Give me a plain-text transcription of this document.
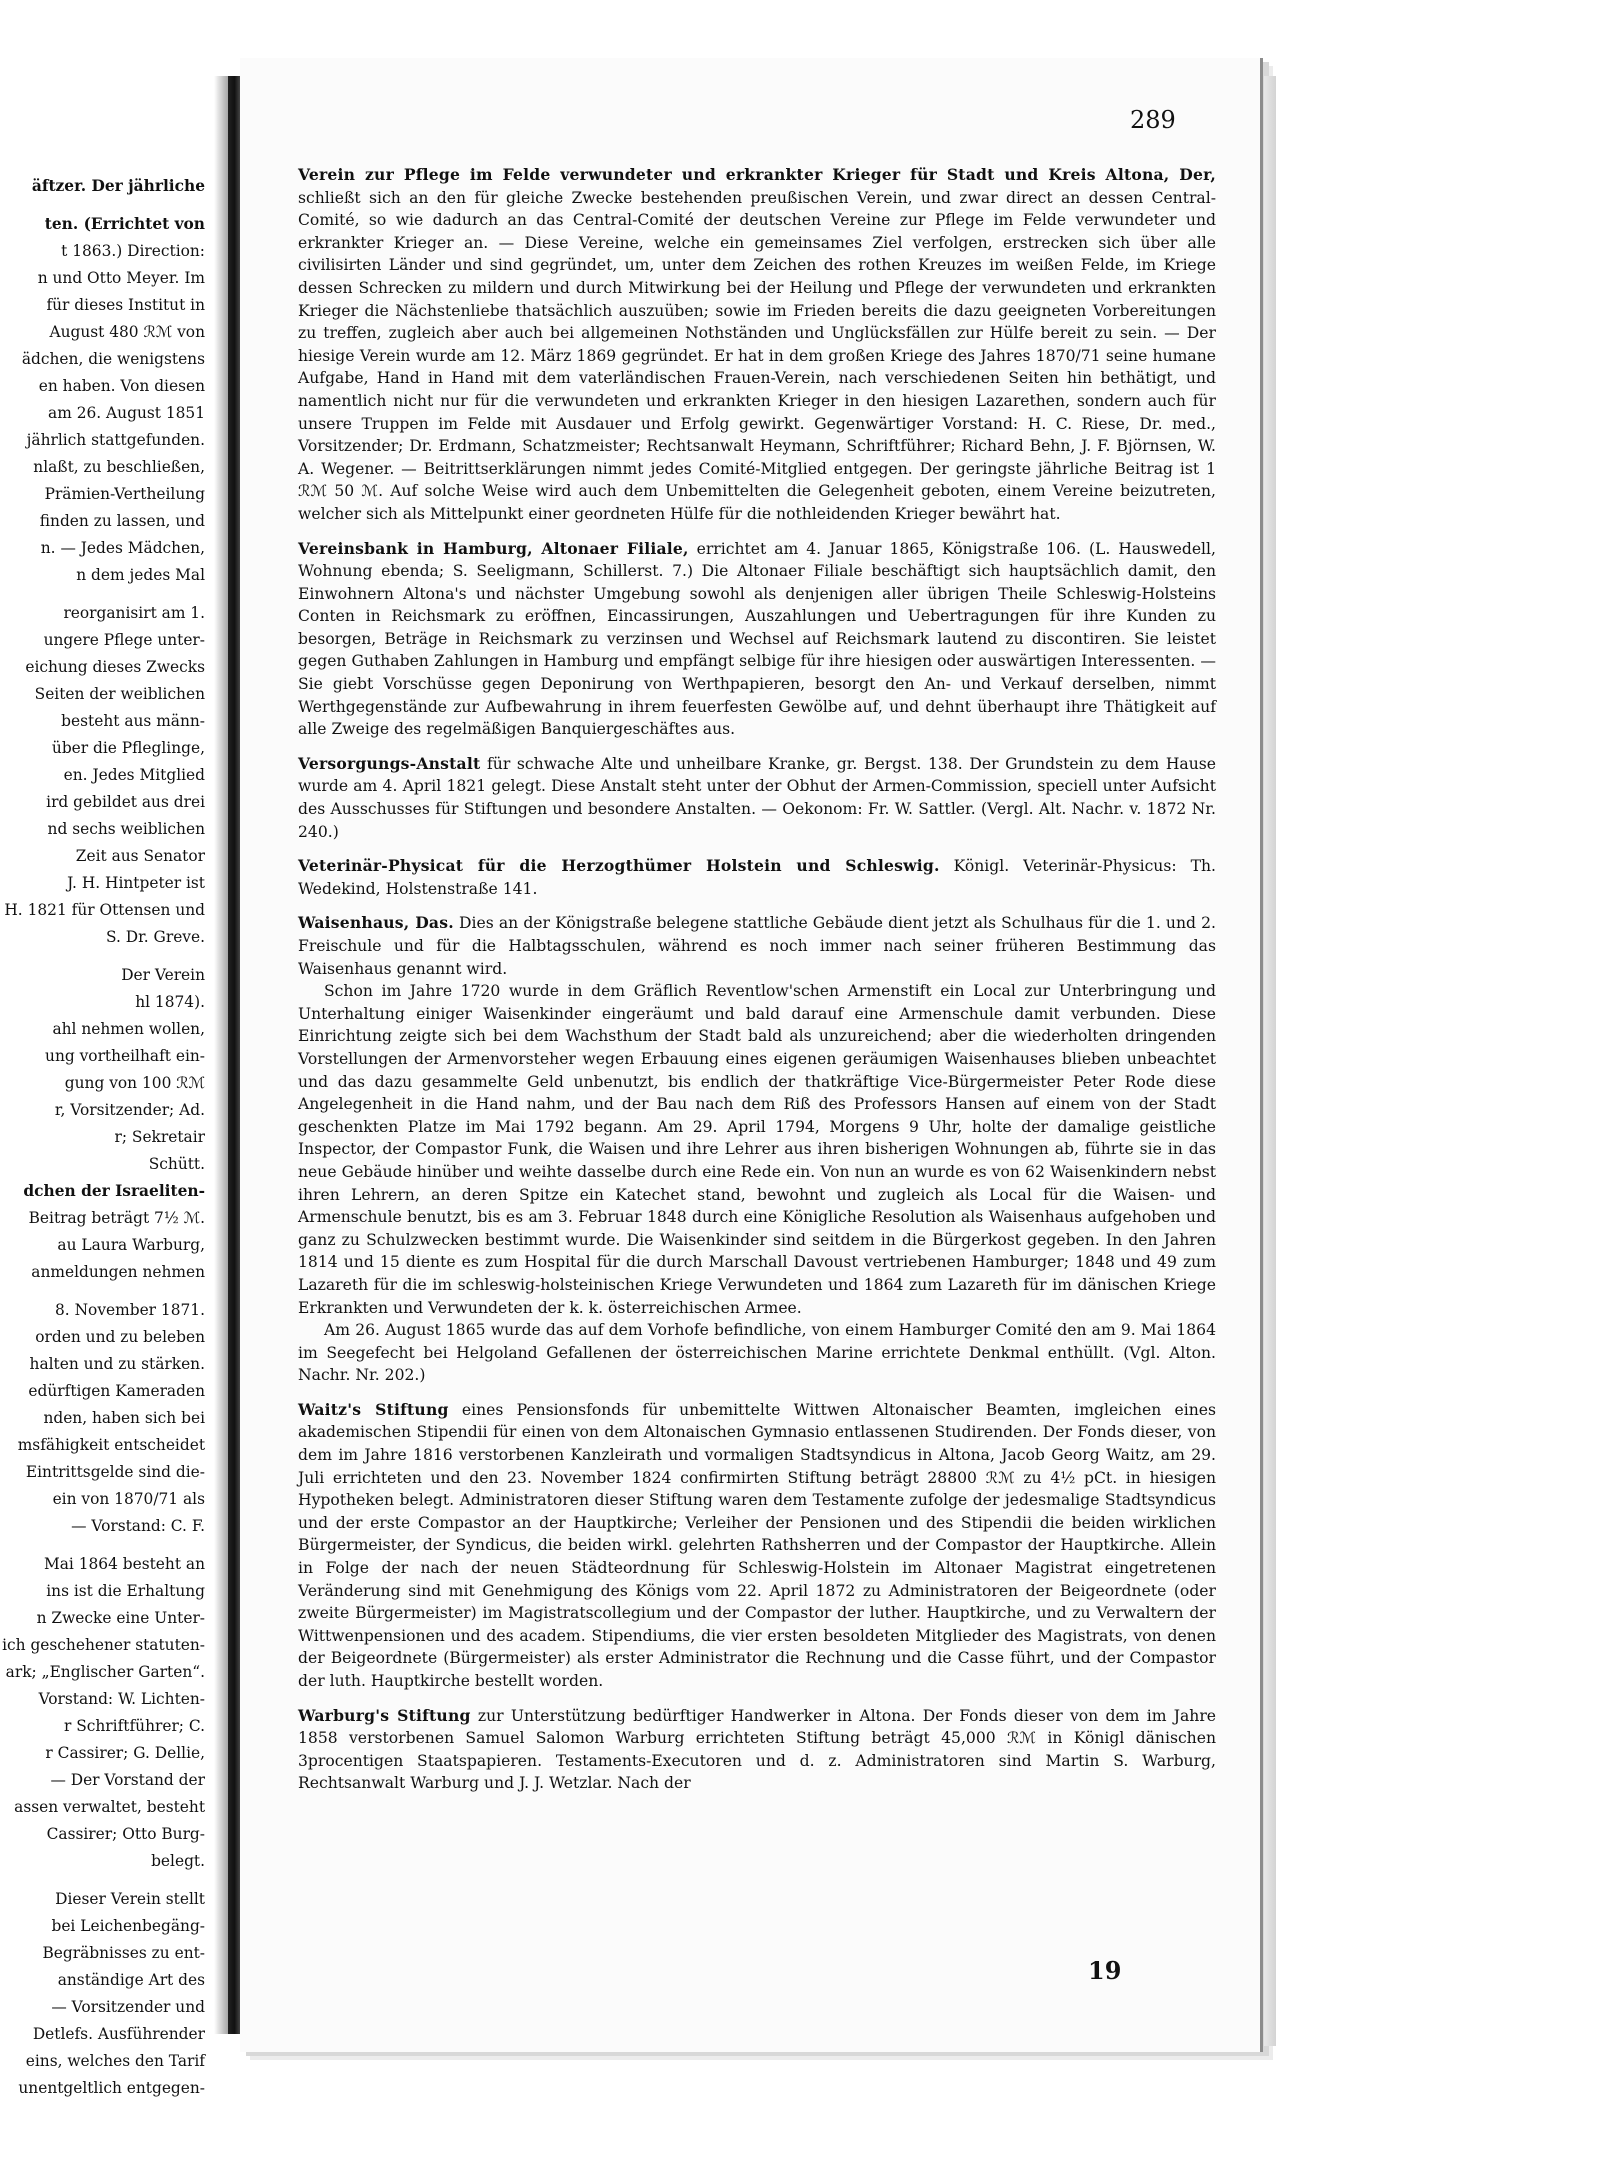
äftzer. Der jährliche
ten. (Errichtet von
t 1863.) Direction:
n und Otto Meyer. Im
für dieses Institut in
August 480 ℛℳ von
ädchen, die wenigstens
en haben. Von diesen
am 26. August 1851
jährlich stattgefunden.
nlaßt, zu beschließen,
Prämien-Vertheilung
finden zu lassen, und
n. — Jedes Mädchen,
n dem jedes Mal
reorganisirt am 1.
ungere Pflege unter-
eichung dieses Zwecks
Seiten der weiblichen
besteht aus männ-
über die Pfleglinge,
en. Jedes Mitglied
ird gebildet aus drei
nd sechs weiblichen
Zeit aus Senator
J. H. Hintpeter ist
H. 1821 für Ottensen und
S. Dr. Greve.
Der Verein
hl 1874).
ahl nehmen wollen,
ung vortheilhaft ein-
gung von 100 ℛℳ
r, Vorsitzender; Ad.
r; Sekretair
Schütt.
dchen der Israeliten-
Beitrag beträgt 7½ ℳ.
au Laura Warburg,
anmeldungen nehmen
8. November 1871.
orden und zu beleben
halten und zu stärken.
edürftigen Kameraden
nden, haben sich bei
msfähigkeit entscheidet
Eintrittsgelde sind die-
ein von 1870/71 als
— Vorstand: C. F.
Mai 1864 besteht an
ins ist die Erhaltung
n Zwecke eine Unter-
ich geschehener statuten-
ark; „Englischer Garten“.
Vorstand: W. Lichten-
r Schriftführer; C.
r Cassirer; G. Dellie,
— Der Vorstand der
assen verwaltet, besteht
Cassirer; Otto Burg-
belegt.
Dieser Verein stellt
bei Leichenbegäng-
Begräbnisses zu ent-
anständige Art des
— Vorsitzender und
Detlefs. Ausführender
eins, welches den Tarif
unentgeltlich entgegen-
289

Verein zur Pflege im Felde verwundeter und erkrankter Krieger für Stadt und Kreis Altona, Der, schließt sich an den für gleiche Zwecke bestehenden preußischen Verein, und zwar direct an dessen Central-Comité, so wie dadurch an das Central-Comité der deutschen Vereine zur Pflege im Felde verwundeter und erkrankter Krieger an. — Diese Vereine, welche ein gemeinsames Ziel verfolgen, erstrecken sich über alle civilisirten Länder und sind gegründet, um, unter dem Zeichen des rothen Kreuzes im weißen Felde, im Kriege dessen Schrecken zu mildern und durch Mitwirkung bei der Heilung und Pflege der verwundeten und erkrankten Krieger die Nächstenliebe thatsächlich auszuüben; sowie im Frieden bereits die dazu geeigneten Vorbereitungen zu treffen, zugleich aber auch bei allgemeinen Nothständen und Unglücksfällen zur Hülfe bereit zu sein. — Der hiesige Verein wurde am 12. März 1869 gegründet. Er hat in dem großen Kriege des Jahres 1870/71 seine humane Aufgabe, Hand in Hand mit dem vaterländischen Frauen-Verein, nach verschiedenen Seiten hin bethätigt, und namentlich nicht nur für die verwundeten und erkrankten Krieger in den hiesigen Lazarethen, sondern auch für unsere Truppen im Felde mit Ausdauer und Erfolg gewirkt. Gegenwärtiger Vorstand: H. C. Riese, Dr. med., Vorsitzender; Dr. Erdmann, Schatzmeister; Rechtsanwalt Heymann, Schriftführer; Richard Behn, J. F. Björnsen, W. A. Wegener. — Beitrittserklärungen nimmt jedes Comité-Mitglied entgegen. Der geringste jährliche Beitrag ist 1 ℛℳ 50 ℳ. Auf solche Weise wird auch dem Unbemittelten die Gelegenheit geboten, einem Vereine beizutreten, welcher sich als Mittelpunkt einer geordneten Hülfe für die nothleidenden Krieger bewährt hat.

Vereinsbank in Hamburg, Altonaer Filiale, errichtet am 4. Januar 1865, Königstraße 106. (L. Hauswedell, Wohnung ebenda; S. Seeligmann, Schillerst. 7.) Die Altonaer Filiale beschäftigt sich hauptsächlich damit, den Einwohnern Altona's und nächster Umgebung sowohl als denjenigen aller übrigen Theile Schleswig-Holsteins Conten in Reichsmark zu eröffnen, Eincassirungen, Auszahlungen und Uebertragungen für ihre Kunden zu besorgen, Beträge in Reichsmark zu verzinsen und Wechsel auf Reichsmark lautend zu discontiren. Sie leistet gegen Guthaben Zahlungen in Hamburg und empfängt selbige für ihre hiesigen oder auswärtigen Interessenten. — Sie giebt Vorschüsse gegen Deponirung von Werthpapieren, besorgt den An- und Verkauf derselben, nimmt Werthgegenstände zur Aufbewahrung in ihrem feuerfesten Gewölbe auf, und dehnt überhaupt ihre Thätigkeit auf alle Zweige des regelmäßigen Banquiergeschäftes aus.

Versorgungs-Anstalt für schwache Alte und unheilbare Kranke, gr. Bergst. 138. Der Grundstein zu dem Hause wurde am 4. April 1821 gelegt. Diese Anstalt steht unter der Obhut der Armen-Commission, speciell unter Aufsicht des Ausschusses für Stiftungen und besondere Anstalten. — Oekonom: Fr. W. Sattler. (Vergl. Alt. Nachr. v. 1872 Nr. 240.)

Veterinär-Physicat für die Herzogthümer Holstein und Schleswig. Königl. Veterinär-Physicus: Th. Wedekind, Holstenstraße 141.

Waisenhaus, Das. Dies an der Königstraße belegene stattliche Gebäude dient jetzt als Schulhaus für die 1. und 2. Freischule und für die Halbtagsschulen, während es noch immer nach seiner früheren Bestimmung das Waisenhaus genannt wird.

Schon im Jahre 1720 wurde in dem Gräflich Reventlow'schen Armenstift ein Local zur Unterbringung und Unterhaltung einiger Waisenkinder eingeräumt und bald darauf eine Armenschule damit verbunden. Diese Einrichtung zeigte sich bei dem Wachsthum der Stadt bald als unzureichend; aber die wiederholten dringenden Vorstellungen der Armenvorsteher wegen Erbauung eines eigenen geräumigen Waisenhauses blieben unbeachtet und das dazu gesammelte Geld unbenutzt, bis endlich der thatkräftige Vice-Bürgermeister Peter Rode diese Angelegenheit in die Hand nahm, und der Bau nach dem Riß des Professors Hansen auf einem von der Stadt geschenkten Platze im Mai 1792 begann. Am 29. April 1794, Morgens 9 Uhr, holte der damalige geistliche Inspector, der Compastor Funk, die Waisen und ihre Lehrer aus ihren bisherigen Wohnungen ab, führte sie in das neue Gebäude hinüber und weihte dasselbe durch eine Rede ein. Von nun an wurde es von 62 Waisenkindern nebst ihren Lehrern, an deren Spitze ein Katechet stand, bewohnt und zugleich als Local für die Waisen- und Armenschule benutzt, bis es am 3. Februar 1848 durch eine Königliche Resolution als Waisenhaus aufgehoben und ganz zu Schulzwecken bestimmt wurde. Die Waisenkinder sind seitdem in die Bürgerkost gegeben. In den Jahren 1814 und 15 diente es zum Hospital für die durch Marschall Davoust vertriebenen Hamburger; 1848 und 49 zum Lazareth für die im schleswig-holsteinischen Kriege Verwundeten und 1864 zum Lazareth für im dänischen Kriege Erkrankten und Verwundeten der k. k. österreichischen Armee.

Am 26. August 1865 wurde das auf dem Vorhofe befindliche, von einem Hamburger Comité den am 9. Mai 1864 im Seegefecht bei Helgoland Gefallenen der österreichischen Marine errichtete Denkmal enthüllt. (Vgl. Alton. Nachr. Nr. 202.)

Waitz's Stiftung eines Pensionsfonds für unbemittelte Wittwen Altonaischer Beamten, imgleichen eines akademischen Stipendii für einen von dem Altonaischen Gymnasio entlassenen Studirenden. Der Fonds dieser, von dem im Jahre 1816 verstorbenen Kanzleirath und vormaligen Stadtsyndicus in Altona, Jacob Georg Waitz, am 29. Juli errichteten und den 23. November 1824 confirmirten Stiftung beträgt 28800 ℛℳ zu 4½ pCt. in hiesigen Hypotheken belegt. Administratoren dieser Stiftung waren dem Testamente zufolge der jedesmalige Stadtsyndicus und der erste Compastor an der Hauptkirche; Verleiher der Pensionen und des Stipendii die beiden wirklichen Bürgermeister, der Syndicus, die beiden wirkl. gelehrten Rathsherren und der Compastor der Hauptkirche. Allein in Folge der nach der neuen Städteordnung für Schleswig-Holstein im Altonaer Magistrat eingetretenen Veränderung sind mit Genehmigung des Königs vom 22. April 1872 zu Administratoren der Beigeordnete (oder zweite Bürgermeister) im Magistratscollegium und der Compastor der luther. Hauptkirche, und zu Verwaltern der Wittwenpensionen und des academ. Stipendiums, die vier ersten besoldeten Mitglieder des Magistrats, von denen der Beigeordnete (Bürgermeister) als erster Administrator die Rechnung und die Casse führt, und der Compastor der luth. Hauptkirche bestellt worden.

Warburg's Stiftung zur Unterstützung bedürftiger Handwerker in Altona. Der Fonds dieser von dem im Jahre 1858 verstorbenen Samuel Salomon Warburg errichteten Stiftung beträgt 45,000 ℛℳ in Königl dänischen 3procentigen Staatspapieren. Testaments-Executoren und d. z. Administratoren sind Martin S. Warburg, Rechtsanwalt Warburg und J. J. Wetzlar. Nach der

19
